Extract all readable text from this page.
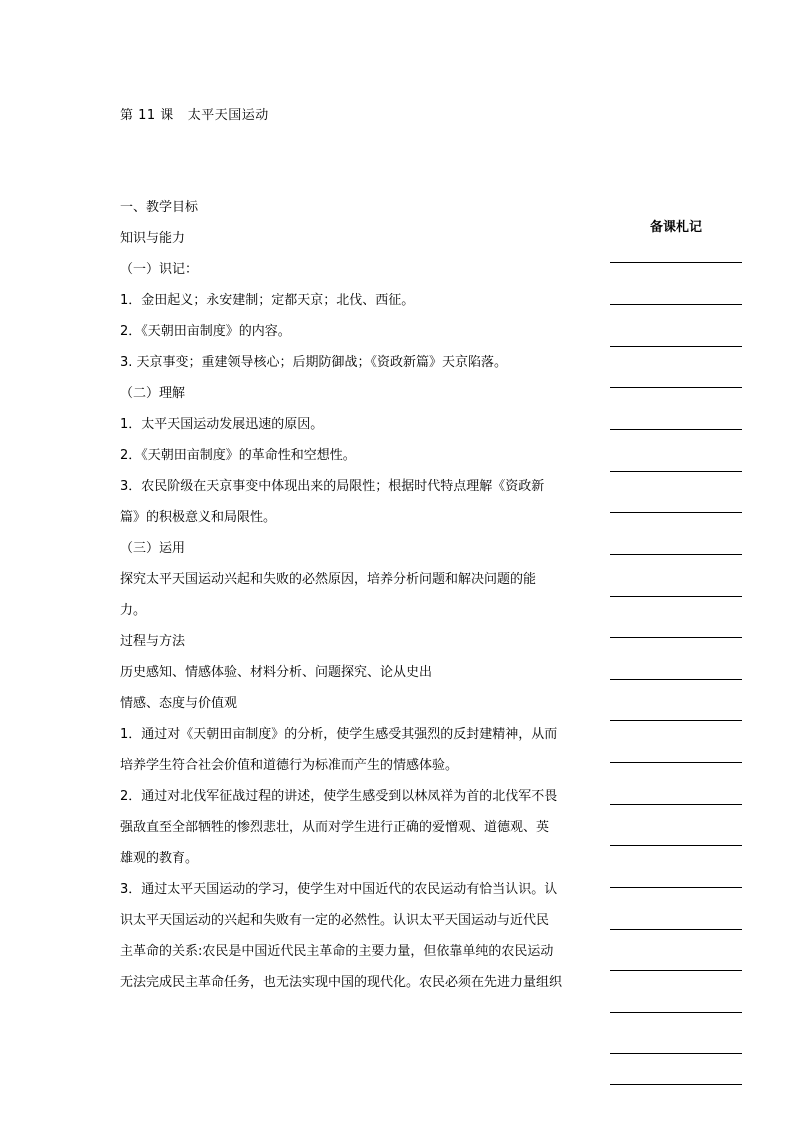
第 11 课   太平天国运动
一、教学目标
知识与能力
（一）识记：
1．金田起义；永安建制；定都天京；北伐、西征。
2．《天朝田亩制度》的内容。
3. 天京事变；重建领导核心；后期防御战；《资政新篇》天京陷落。
（二）理解
1．太平天国运动发展迅速的原因。
2．《天朝田亩制度》的革命性和空想性。
3．农民阶级在天京事变中体现出来的局限性；根据时代特点理解《资政新
篇》的积极意义和局限性。
（三）运用
探究太平天国运动兴起和失败的必然原因，培养分析问题和解决问题的能
力。
过程与方法
历史感知、情感体验、材料分析、问题探究、论从史出
情感、态度与价值观
1．通过对《天朝田亩制度》的分析，使学生感受其强烈的反封建精神，从而
培养学生符合社会价值和道德行为标准而产生的情感体验。
2．通过对北伐军征战过程的讲述，使学生感受到以林凤祥为首的北伐军不畏
强敌直至全部牺牲的惨烈悲壮，从而对学生进行正确的爱憎观、道德观、英
雄观的教育。
3．通过太平天国运动的学习，使学生对中国近代的农民运动有恰当认识。认
识太平天国运动的兴起和失败有一定的必然性。认识太平天国运动与近代民
主革命的关系:农民是中国近代民主革命的主要力量，但依靠单纯的农民运动
无法完成民主革命任务，也无法实现中国的现代化。农民必须在先进力量组织
备课札记
